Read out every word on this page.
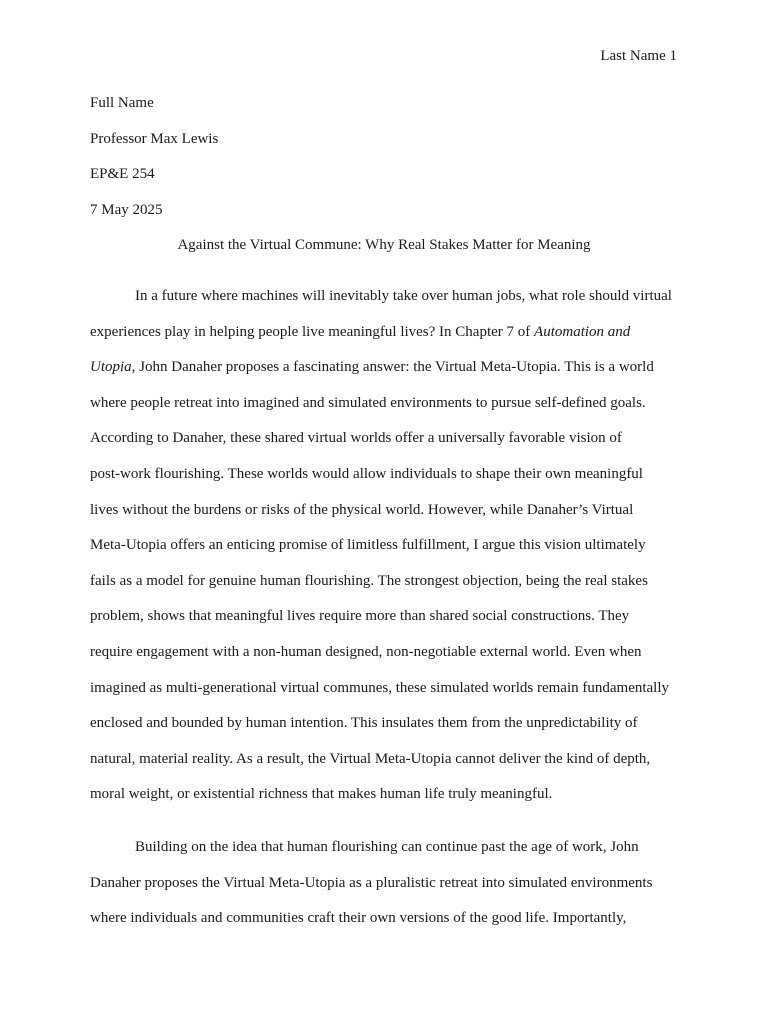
Last Name 1
Full Name
Professor Max Lewis
EP&E 254
7 May 2025
Against the Virtual Commune: Why Real Stakes Matter for Meaning
In a future where machines will inevitably take over human jobs, what role should virtual
experiences play in helping people live meaningful lives? In Chapter 7 of Automation and
Utopia, John Danaher proposes a fascinating answer: the Virtual Meta-Utopia. This is a world
where people retreat into imagined and simulated environments to pursue self-defined goals.
According to Danaher, these shared virtual worlds offer a universally favorable vision of
post-work flourishing. These worlds would allow individuals to shape their own meaningful
lives without the burdens or risks of the physical world. However, while Danaher’s Virtual
Meta-Utopia offers an enticing promise of limitless fulfillment, I argue this vision ultimately
fails as a model for genuine human flourishing. The strongest objection, being the real stakes
problem, shows that meaningful lives require more than shared social constructions. They
require engagement with a non-human designed, non-negotiable external world. Even when
imagined as multi-generational virtual communes, these simulated worlds remain fundamentally
enclosed and bounded by human intention. This insulates them from the unpredictability of
natural, material reality. As a result, the Virtual Meta-Utopia cannot deliver the kind of depth,
moral weight, or existential richness that makes human life truly meaningful.
Building on the idea that human flourishing can continue past the age of work, John
Danaher proposes the Virtual Meta-Utopia as a pluralistic retreat into simulated environments
where individuals and communities craft their own versions of the good life. Importantly,
